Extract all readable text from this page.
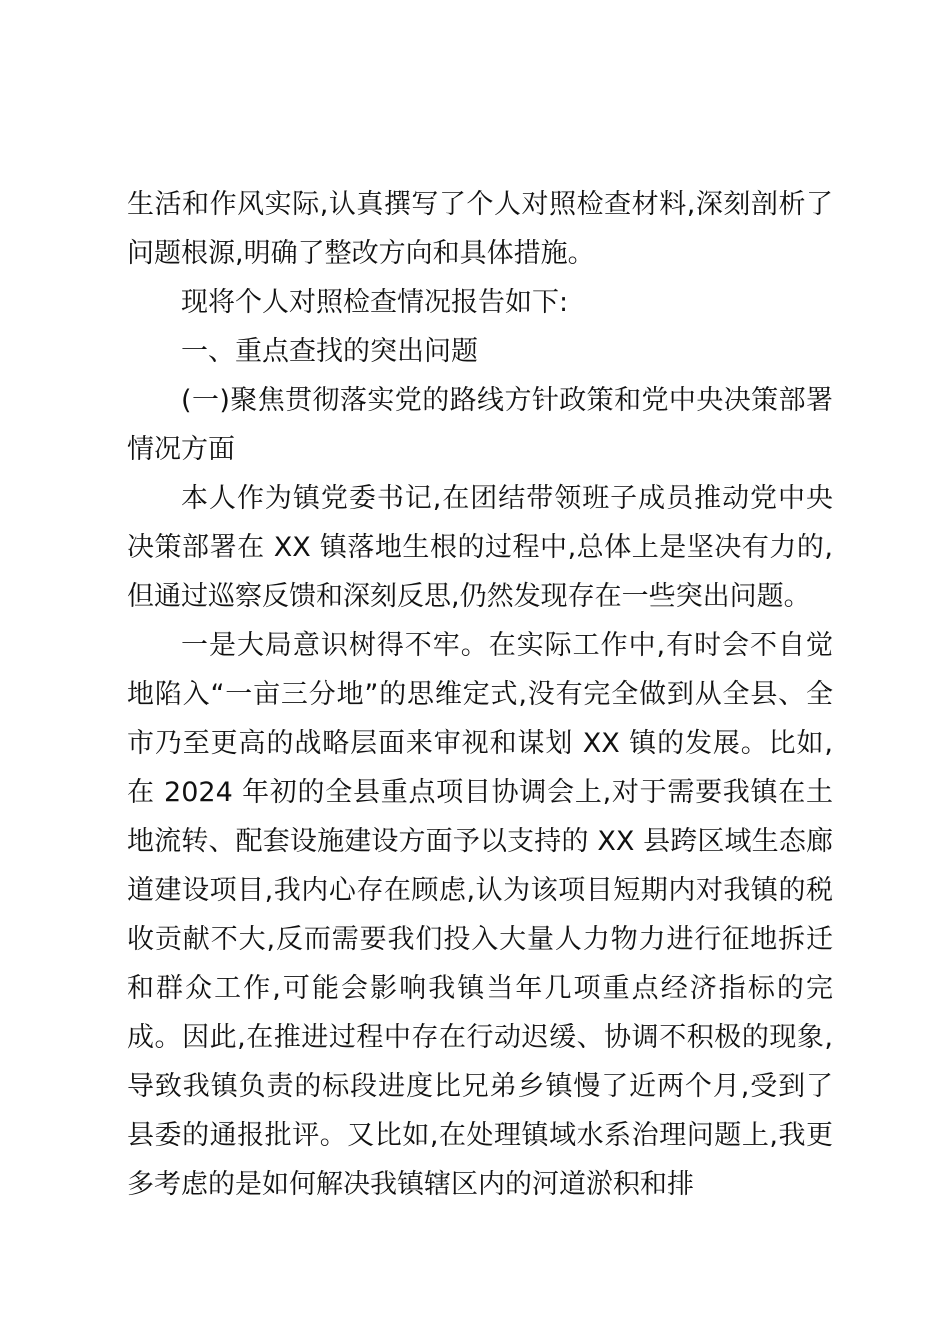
生活和作风实际,认真撰写了个人对照检查材料,深刻剖析了问题根源,明确了整改方向和具体措施。

现将个人对照检查情况报告如下:

一、重点查找的突出问题

(一)聚焦贯彻落实党的路线方针政策和党中央决策部署情况方面

本人作为镇党委书记,在团结带领班子成员推动党中央决策部署在 XX 镇落地生根的过程中,总体上是坚决有力的,但通过巡察反馈和深刻反思,仍然发现存在一些突出问题。

一是大局意识树得不牢。在实际工作中,有时会不自觉地陷入“一亩三分地”的思维定式,没有完全做到从全县、全市乃至更高的战略层面来审视和谋划 XX 镇的发展。比如,在 2024 年初的全县重点项目协调会上,对于需要我镇在土地流转、配套设施建设方面予以支持的 XX 县跨区域生态廊道建设项目,我内心存在顾虑,认为该项目短期内对我镇的税收贡献不大,反而需要我们投入大量人力物力进行征地拆迁和群众工作,可能会影响我镇当年几项重点经济指标的完成。因此,在推进过程中存在行动迟缓、协调不积极的现象,导致我镇负责的标段进度比兄弟乡镇慢了近两个月,受到了县委的通报批评。又比如,在处理镇域水系治理问题上,我更多考虑的是如何解决我镇辖区内的河道淤积和排
